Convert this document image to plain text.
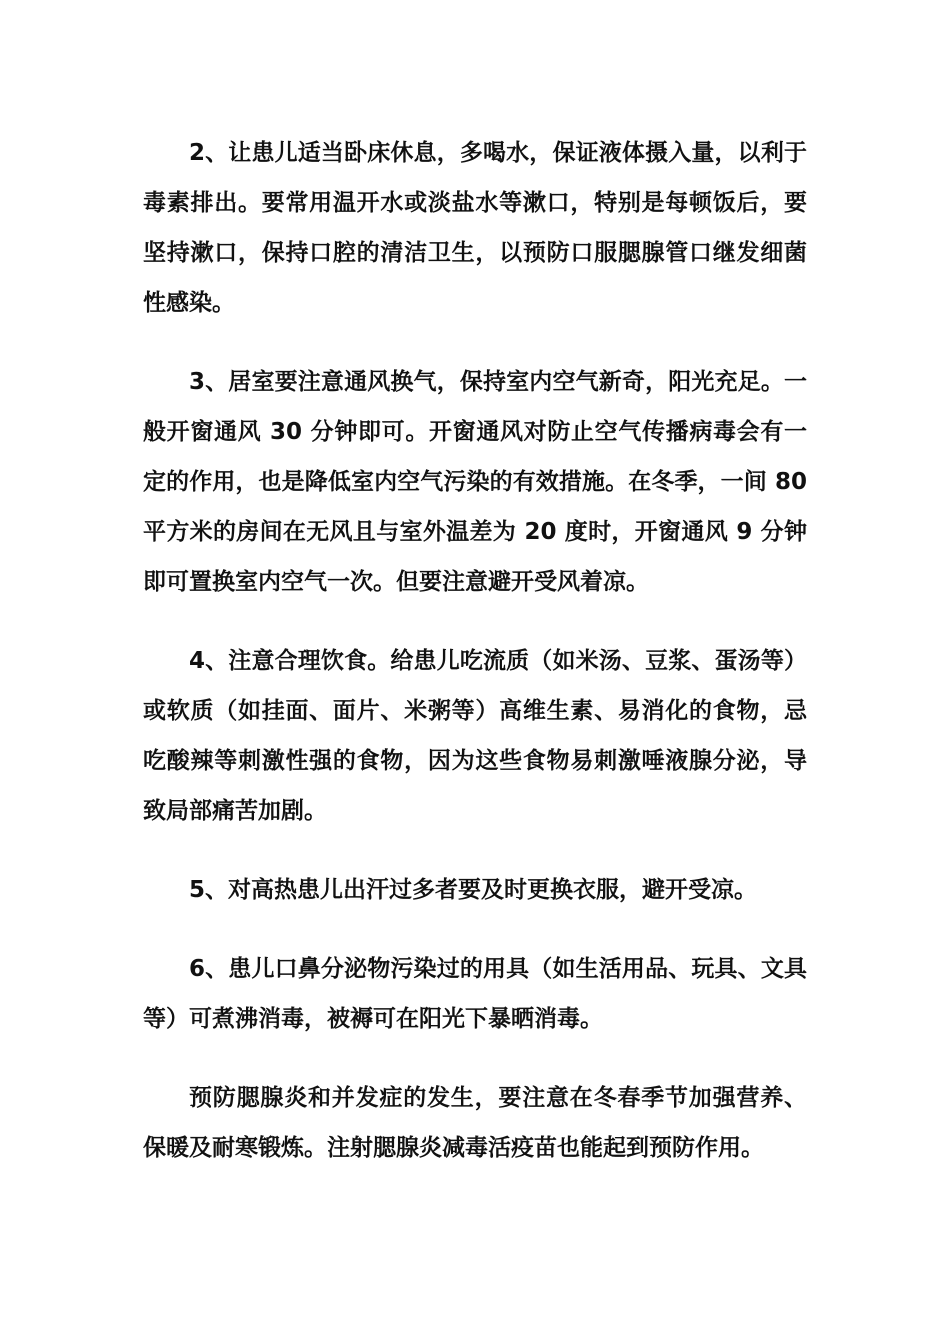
2、让患儿适当卧床休息，多喝水，保证液体摄入量，以利于毒素排出。要常用温开水或淡盐水等漱口，特别是每顿饭后，要坚持漱口，保持口腔的清洁卫生，以预防口服腮腺管口继发细菌性感染。

3、居室要注意通风换气，保持室内空气新奇，阳光充足。一般开窗通风 30 分钟即可。开窗通风对防止空气传播病毒会有一定的作用，也是降低室内空气污染的有效措施。在冬季，一间 80 平方米的房间在无风且与室外温差为 20 度时，开窗通风 9 分钟即可置换室内空气一次。但要注意避开受风着凉。

4、注意合理饮食。给患儿吃流质（如米汤、豆浆、蛋汤等）或软质（如挂面、面片、米粥等）高维生素、易消化的食物，忌吃酸辣等刺激性强的食物，因为这些食物易刺激唾液腺分泌，导致局部痛苦加剧。

5、对高热患儿出汗过多者要及时更换衣服，避开受凉。

6、患儿口鼻分泌物污染过的用具（如生活用品、玩具、文具等）可煮沸消毒，被褥可在阳光下暴晒消毒。

预防腮腺炎和并发症的发生，要注意在冬春季节加强营养、保暖及耐寒锻炼。注射腮腺炎减毒活疫苗也能起到预防作用。
